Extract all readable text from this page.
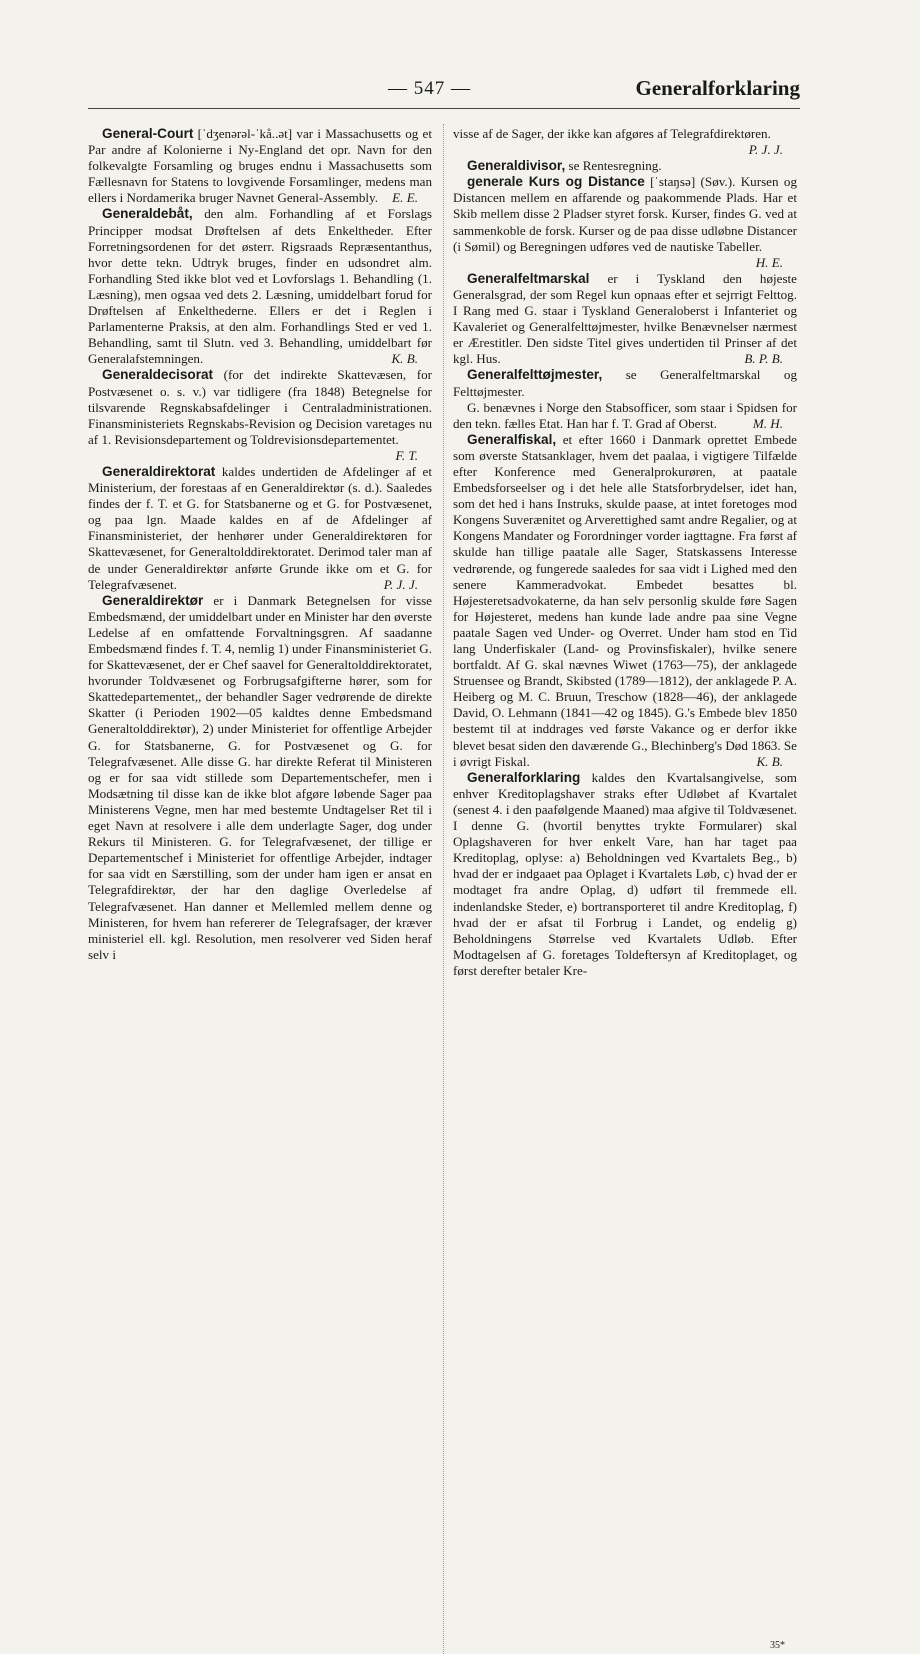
— 547 —	Generalforklaring

General-Court [ˈdʒenərəl-ˈkå..ət] var i Massachusetts og et Par andre af Kolonierne i Ny-England det opr. Navn for den folkevalgte Forsamling og bruges endnu i Massachusetts som Fællesnavn for Statens to lovgivende Forsamlinger, medens man ellers i Nordamerika bruger Navnet General-Assembly.	E. E.

Generaldebåt, den alm. Forhandling af et Forslags Principper modsat Drøftelsen af dets Enkeltheder. Efter Forretningsordenen for det østerr. Rigsraads Repræsentanthus, hvor dette tekn. Udtryk bruges, finder en udsondret alm. Forhandling Sted ikke blot ved et Lovforslags 1. Behandling (1. Læsning), men ogsaa ved dets 2. Læsning, umiddelbart forud for Drøftelsen af Enkelthederne. Ellers er det i Reglen i Parlamenterne Praksis, at den alm. Forhandlings Sted er ved 1. Behandling, samt til Slutn. ved 3. Behandling, umiddelbart før Generalafstemningen.	K. B.

Generaldecisorat (for det indirekte Skattevæsen, for Postvæsenet o. s. v.) var tidligere (fra 1848) Betegnelse for tilsvarende Regnskabsafdelinger i Centraladministrationen. Finansministeriets Regnskabs-Revision og Decision varetages nu af 1. Revisionsdepartement og Toldrevisionsdepartementet.
F. T.

Generaldirektorat kaldes undertiden de Afdelinger af et Ministerium, der forestaas af en Generaldirektør (s. d.). Saaledes findes der f. T. et G. for Statsbanerne og et G. for Postvæsenet, og paa lgn. Maade kaldes en af de Afdelinger af Finansministeriet, der henhører under Generaldirektøren for Skattevæsenet, for Generaltolddirektoratet. Derimod taler man af de under Generaldirektør anførte Grunde ikke om et G. for Telegrafvæsenet.	P. J. J.

Generaldirektør er i Danmark Betegnelsen for visse Embedsmænd, der umiddelbart under en Minister har den øverste Ledelse af en omfattende Forvaltningsgren. Af saadanne Embedsmænd findes f. T. 4, nemlig 1) under Finansministeriet G. for Skattevæsenet, der er Chef saavel for Generaltolddirektoratet, hvorunder Toldvæsenet og Forbrugsafgifterne hører, som for Skattedepartementet,, der behandler Sager vedrørende de direkte Skatter (i Perioden 1902—05 kaldtes denne Embedsmand Generaltolddirektør), 2) under Ministeriet for offentlige Arbejder G. for Statsbanerne, G. for Postvæsenet og G. for Telegrafvæsenet. Alle disse G. har direkte Referat til Ministeren og er for saa vidt stillede som Departementschefer, men i Modsætning til disse kan de ikke blot afgøre løbende Sager paa Ministerens Vegne, men har med bestemte Undtagelser Ret til i eget Navn at resolvere i alle dem underlagte Sager, dog under Rekurs til Ministeren. G. for Telegrafvæsenet, der tillige er Departementschef i Ministeriet for offentlige Arbejder, indtager for saa vidt en Særstilling, som der under ham igen er ansat en Telegrafdirektør, der har den daglige Overledelse af Telegrafvæsenet. Han danner et Mellemled mellem denne og Ministeren, for hvem han refererer de Telegrafsager, der kræver ministeriel ell. kgl. Resolution, men resolverer ved Siden heraf selv i

visse af de Sager, der ikke kan afgøres af Telegrafdirektøren.
P. J. J.

Generaldivisor, se Rentesregning.

generale Kurs og Distance [ˈstaŋsə] (Søv.). Kursen og Distancen mellem en affarende og paakommende Plads. Har et Skib mellem disse 2 Pladser styret forsk. Kurser, findes G. ved at sammenkoble de forsk. Kurser og de paa disse udløbne Distancer (i Sømil) og Beregningen udføres ved de nautiske Tabeller.
H. E.

Generalfeltmarskal er i Tyskland den højeste Generalsgrad, der som Regel kun opnaas efter et sejrrigt Felttog. I Rang med G. staar i Tyskland Generaloberst i Infanteriet og Kavaleriet og Generalfelttøjmester, hvilke Benævnelser nærmest er Ærestitler. Den sidste Titel gives undertiden til Prinser af det kgl. Hus.	B. P. B.

Generalfelttøjmester, se Generalfeltmarskal og Felttøjmester.

G. benævnes i Norge den Stabsofficer, som staar i Spidsen for den tekn. fælles Etat. Han har f. T. Grad af Oberst.	M. H.

Generalfiskal, et efter 1660 i Danmark oprettet Embede som øverste Statsanklager, hvem det paalaa, i vigtigere Tilfælde efter Konference med Generalprokurøren, at paatale Embedsforseelser og i det hele alle Statsforbrydelser, idet han, som det hed i hans Instruks, skulde paase, at intet foretoges mod Kongens Suverænitet og Arverettighed samt andre Regalier, og at Kongens Mandater og Forordninger vorder iagttagne. Fra først af skulde han tillige paatale alle Sager, Statskassens Interesse vedrørende, og fungerede saaledes for saa vidt i Lighed med den senere Kammeradvokat. Embedet besattes bl. Højesteretsadvokaterne, da han selv personlig skulde føre Sagen for Højesteret, medens han kunde lade andre paa sine Vegne paatale Sagen ved Under- og Overret. Under ham stod en Tid lang Underfiskaler (Land- og Provinsfiskaler), hvilke senere bortfaldt. Af G. skal nævnes Wiwet (1763—75), der anklagede Struensee og Brandt, Skibsted (1789—1812), der anklagede P. A. Heiberg og M. C. Bruun, Treschow (1828—46), der anklagede David, O. Lehmann (1841—42 og 1845). G.'s Embede blev 1850 bestemt til at inddrages ved første Vakance og er derfor ikke blevet besat siden den daværende G., Blechinberg's Død 1863. Se i øvrigt Fiskal.	K. B.

Generalforklaring kaldes den Kvartalsangivelse, som enhver Kreditoplagshaver straks efter Udløbet af Kvartalet (senest 4. i den paafølgende Maaned) maa afgive til Toldvæsenet. I denne G. (hvortil benyttes trykte Formularer) skal Oplagshaveren for hver enkelt Vare, han har taget paa Kreditoplag, oplyse: a) Beholdningen ved Kvartalets Beg., b) hvad der er indgaaet paa Oplaget i Kvartalets Løb, c) hvad der er modtaget fra andre Oplag, d) udført til fremmede ell. indenlandske Steder, e) bortransporteret til andre Kreditoplag, f) hvad der er afsat til Forbrug i Landet, og endelig g) Beholdningens Størrelse ved Kvartalets Udløb. Efter Modtagelsen af G. foretages Toldeftersyn af Kreditoplaget, og først derefter betaler Kre-

35*
